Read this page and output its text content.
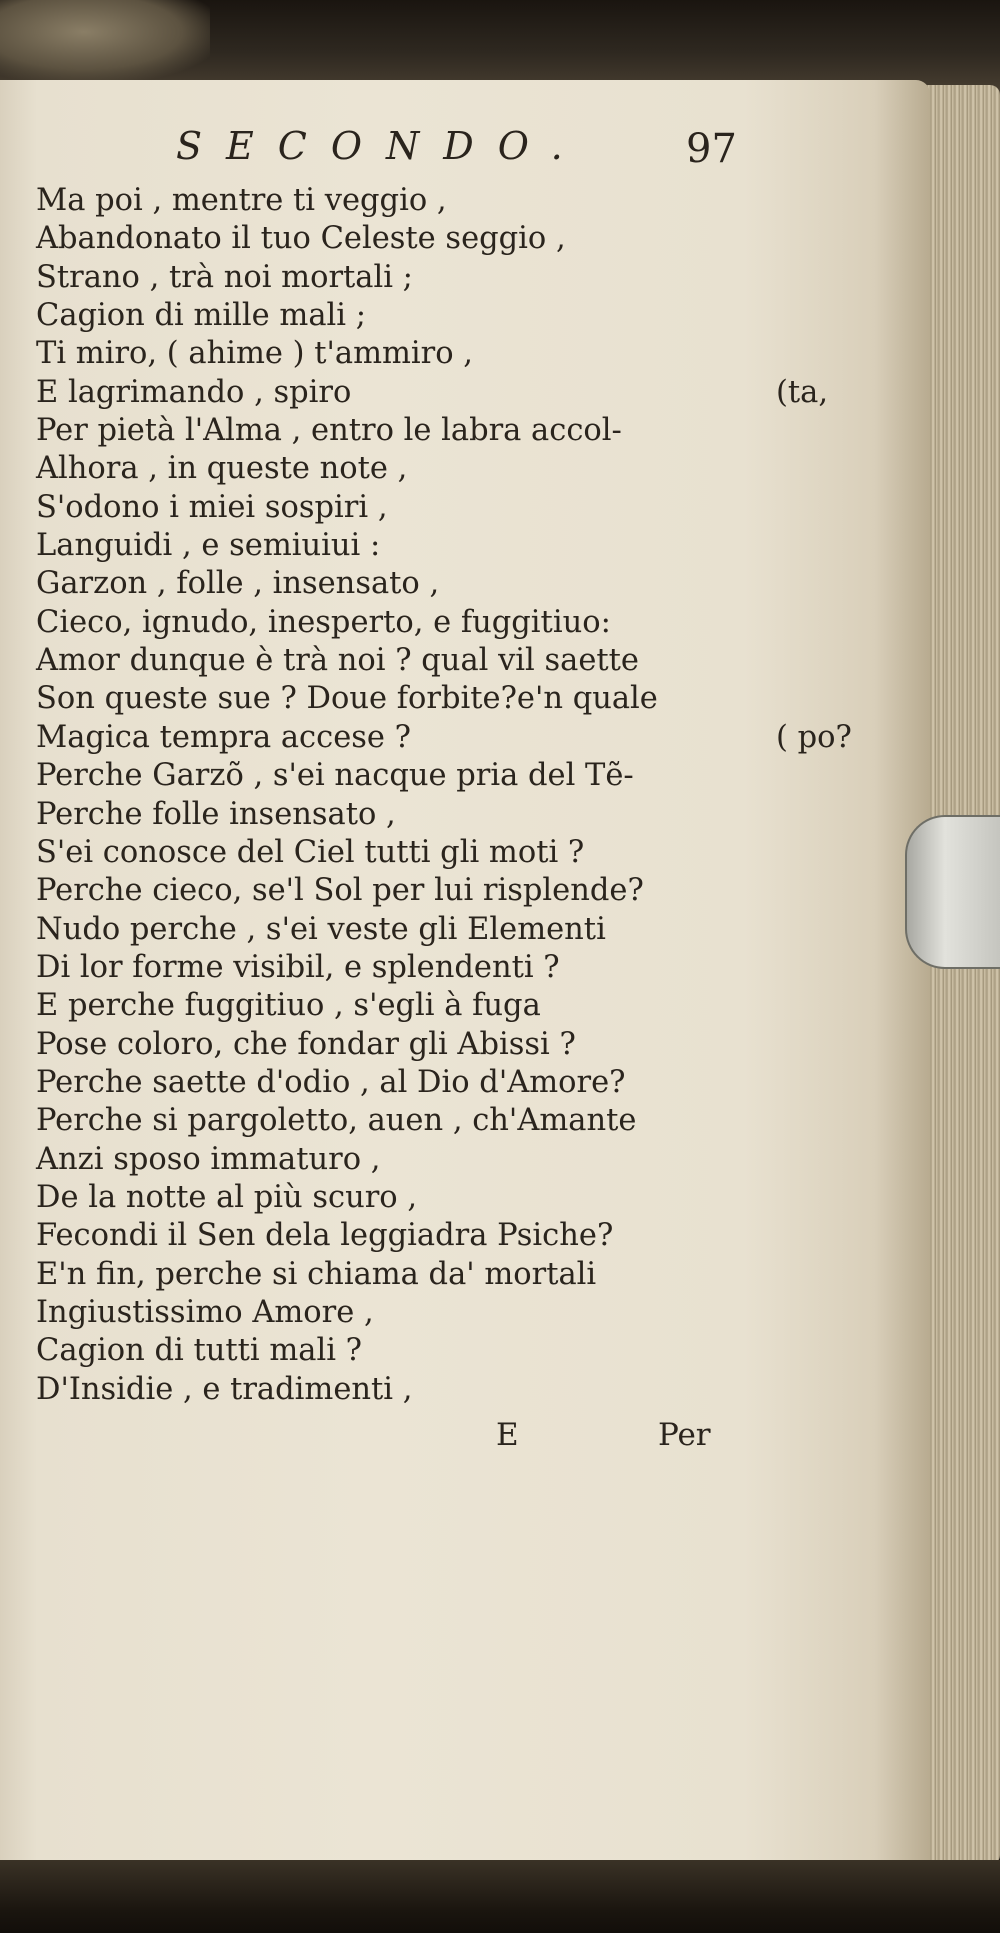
SECONDO. 97
Ma poi , mentre ti veggio ,
Abandonato il tuo Celeste seggio ,
Strano , trà noi mortali ;
Cagion di mille mali ;
Ti miro, ( ahime ) t'ammiro ,
E lagrimando , spiro	(ta,
Per pietà l'Alma , entro le labra accol-
Alhora , in queste note ,
S'odono i miei sospiri ,
Languidi , e semiuiui :
Garzon , folle , insensato ,
Cieco, ignudo, inesperto, e fuggitiuo:
Amor dunque è trà noi ? qual vil saette
Son queste sue ? Doue forbite?e'n quale
Magica tempra accese ?	( po?
Perche Garzõ , s'ei nacque pria del Tẽ-
Perche folle insensato ,
S'ei conosce del Ciel tutti gli moti ?
Perche cieco, se'l Sol per lui risplende?
Nudo perche , s'ei veste gli Elementi
Di lor forme visibil, e splendenti ?
E perche fuggitiuo , s'egli à fuga
Pose coloro, che fondar gli Abissi ?
Perche saette d'odio , al Dio d'Amore?
Perche si pargoletto, auen , ch'Amante
Anzi sposo immaturo ,
De la notte al più scuro ,
Fecondi il Sen dela leggiadra Psiche?
E'n fin, perche si chiama da' mortali
Ingiustissimo Amore ,
Cagion di tutti mali ?
D'Insidie , e tradimenti ,
E	Per
